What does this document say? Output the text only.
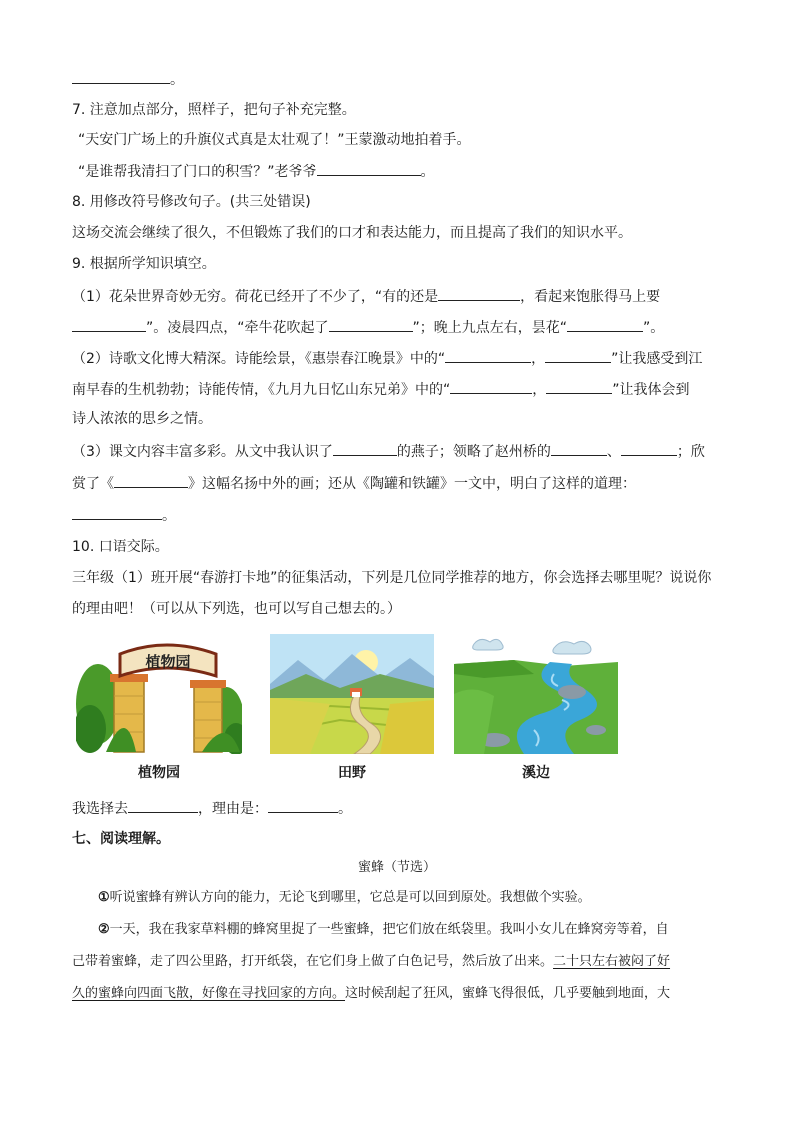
。
7. 注意加点部分，照样子，把句子补充完整。
“天安门广场上的升旗仪式真是太壮观了！”王蒙激动地拍着手。
“是谁帮我清扫了门口的积雪？”老爷爷	。
8. 用修改符号修改句子。(共三处错误)
这场交流会继续了很久，不但锻炼了我们的口才和表达能力，而且提高了我们的知识水平。
9. 根据所学知识填空。
（1）花朵世界奇妙无穷。荷花已经开了不少了，“有的还是	，看起来饱胀得马上要
”。凌晨四点，“牵牛花吹起了	”；晚上九点左右，昙花“	”。
（2）诗歌文化博大精深。诗能绘景，《惠崇春江晚景》中的“	，	”让我感受到江
南早春的生机勃勃；诗能传情，《九月九日忆山东兄弟》中的“	，	”让我体会到
诗人浓浓的思乡之情。
（3）课文内容丰富多彩。从文中我认识了	的燕子；领略了赵州桥的	、	；欣
赏了《	》这幅名扬中外的画；还从《陶罐和铁罐》一文中，明白了这样的道理：
。
10. 口语交际。
三年级（1）班开展“春游打卡地”的征集活动，下列是几位同学推荐的地方，你会选择去哪里呢？说说你
的理由吧！（可以从下列选，也可以写自己想去的。）
植物园
植物园	田野	溪边
我选择去	，理由是：	。
七、阅读理解。
蜜蜂（节选）
①听说蜜蜂有辨认方向的能力，无论飞到哪里，它总是可以回到原处。我想做个实验。
②一天，我在我家草料棚的蜂窝里捉了一些蜜蜂，把它们放在纸袋里。我叫小女儿在蜂窝旁等着，自
己带着蜜蜂，走了四公里路，打开纸袋，在它们身上做了白色记号，然后放了出来。二十只左右被闷了好
久的蜜蜂向四面飞散，好像在寻找回家的方向。这时候刮起了狂风，蜜蜂飞得很低，几乎要触到地面，大
